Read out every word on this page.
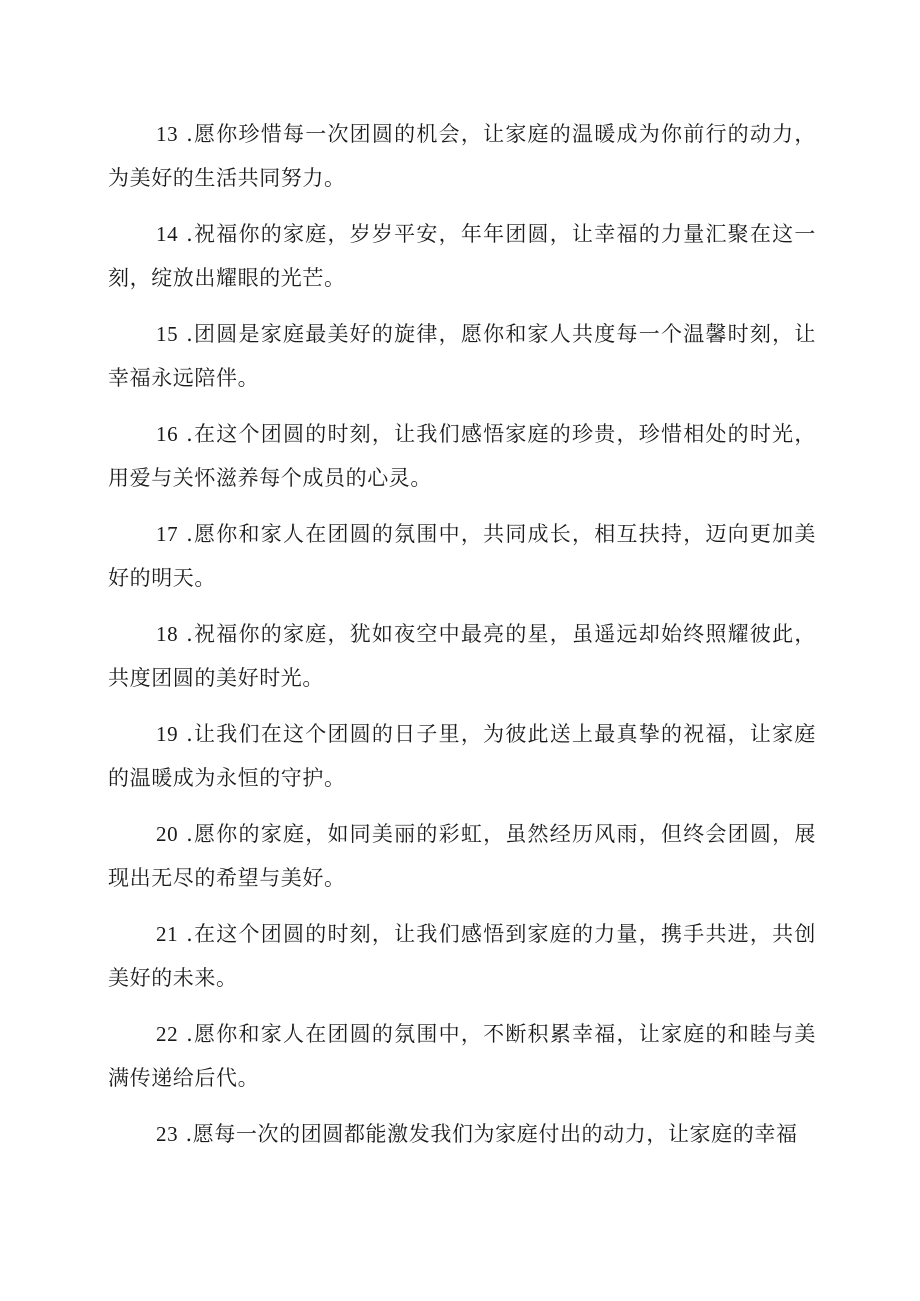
13 .愿你珍惜每一次团圆的机会，让家庭的温暖成为你前行的动力，为美好的生活共同努力。

14 .祝福你的家庭，岁岁平安，年年团圆，让幸福的力量汇聚在这一刻，绽放出耀眼的光芒。

15 .团圆是家庭最美好的旋律，愿你和家人共度每一个温馨时刻，让幸福永远陪伴。

16 .在这个团圆的时刻，让我们感悟家庭的珍贵，珍惜相处的时光，用爱与关怀滋养每个成员的心灵。

17 .愿你和家人在团圆的氛围中，共同成长，相互扶持，迈向更加美好的明天。

18 .祝福你的家庭，犹如夜空中最亮的星，虽遥远却始终照耀彼此，共度团圆的美好时光。

19 .让我们在这个团圆的日子里，为彼此送上最真挚的祝福，让家庭的温暖成为永恒的守护。

20 .愿你的家庭，如同美丽的彩虹，虽然经历风雨，但终会团圆，展现出无尽的希望与美好。

21 .在这个团圆的时刻，让我们感悟到家庭的力量，携手共进，共创美好的未来。

22 .愿你和家人在团圆的氛围中，不断积累幸福，让家庭的和睦与美满传递给后代。

23 .愿每一次的团圆都能激发我们为家庭付出的动力，让家庭的幸福
